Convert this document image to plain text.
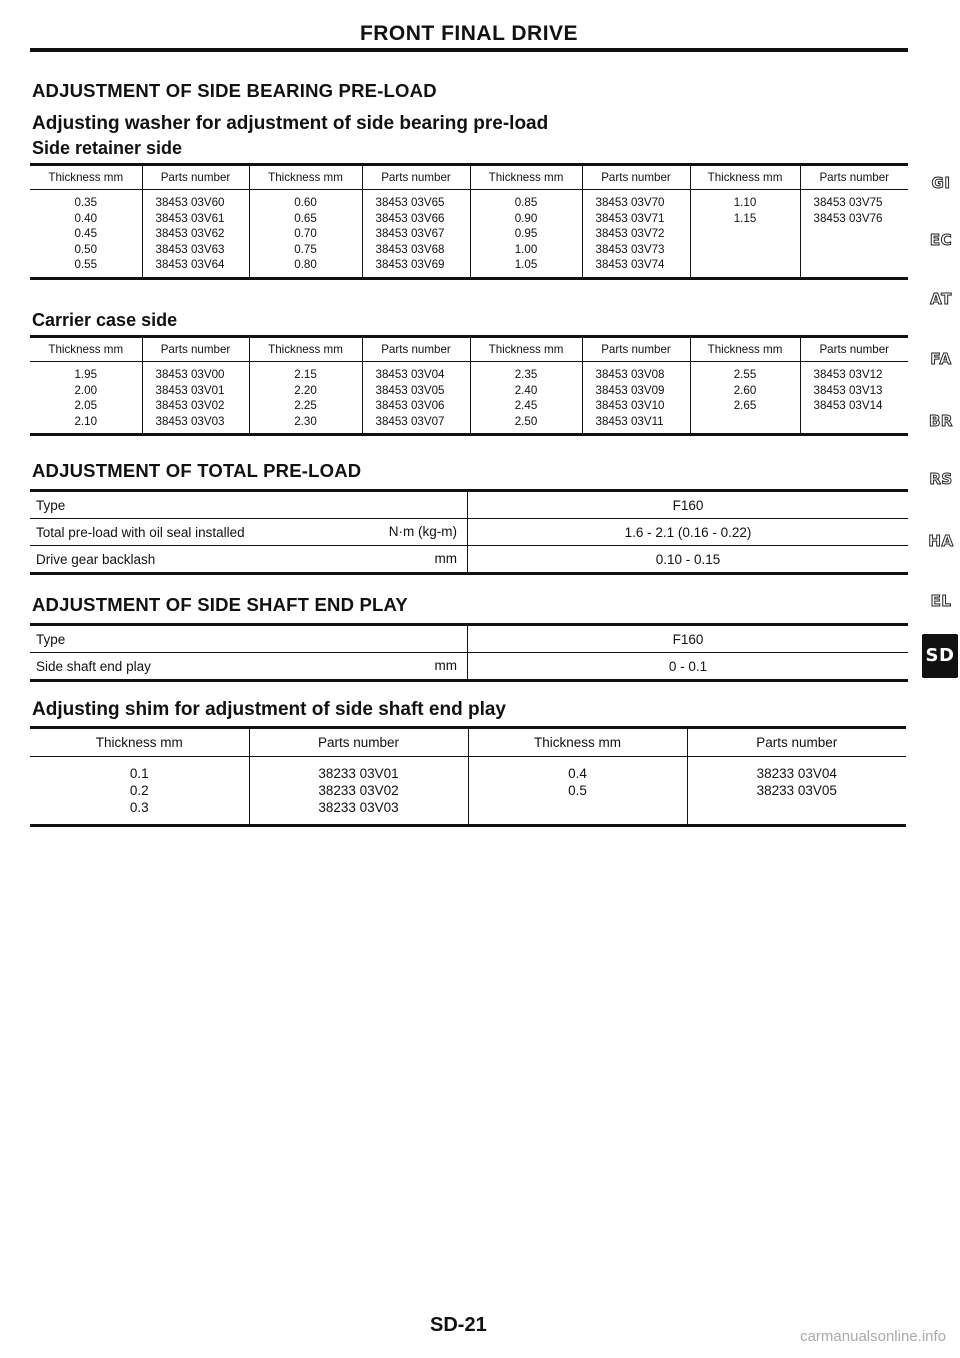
FRONT FINAL DRIVE
ADJUSTMENT OF SIDE BEARING PRE-LOAD
Adjusting washer for adjustment of side bearing pre-load
Side retainer side
Thickness mm	Parts number	Thickness mm	Parts number	Thickness mm	Parts number	Thickness mm	Parts number
0.35	38453 03V60	0.60	38453 03V65	0.85	38453 03V70	1.10	38453 03V75
0.40	38453 03V61	0.65	38453 03V66	0.90	38453 03V71	1.15	38453 03V76
0.45	38453 03V62	0.70	38453 03V67	0.95	38453 03V72		
0.50	38453 03V63	0.75	38453 03V68	1.00	38453 03V73		
0.55	38453 03V64	0.80	38453 03V69	1.05	38453 03V74		
Carrier case side
Thickness mm	Parts number	Thickness mm	Parts number	Thickness mm	Parts number	Thickness mm	Parts number
1.95	38453 03V00	2.15	38453 03V04	2.35	38453 03V08	2.55	38453 03V12
2.00	38453 03V01	2.20	38453 03V05	2.40	38453 03V09	2.60	38453 03V13
2.05	38453 03V02	2.25	38453 03V06	2.45	38453 03V10	2.65	38453 03V14
2.10	38453 03V03	2.30	38453 03V07	2.50	38453 03V11		
ADJUSTMENT OF TOTAL PRE-LOAD
Type	F160
Total pre-load with oil seal installed N·m (kg-m)	1.6 - 2.1 (0.16 - 0.22)
Drive gear backlash mm	0.10 - 0.15
ADJUSTMENT OF SIDE SHAFT END PLAY
Type	F160
Side shaft end play mm	0 - 0.1
Adjusting shim for adjustment of side shaft end play
Thickness mm	Parts number	Thickness mm	Parts number
0.1	38233 03V01	0.4	38233 03V04
0.2	38233 03V02	0.5	38233 03V05
0.3	38233 03V03		
GI
EC
AT
FA
BR
RS
HA
EL
SD
SD-21
carmanualsonline.info
